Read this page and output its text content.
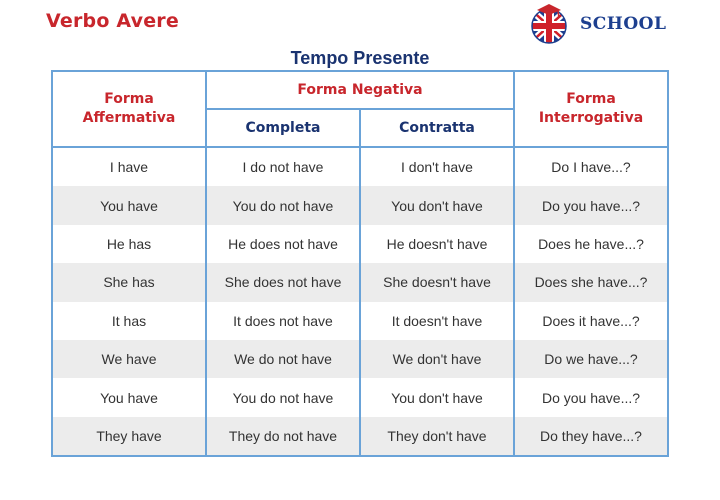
Verbo Avere	SCHOOL
Tempo Presente
Forma Affermativa
Forma Negativa
Forma Interrogativa
Completa	Contratta
I have	I do not have	I don't have	Do I have...?
You have	You do not have	You don't have	Do you have...?
He has	He does not have	He doesn't have	Does he have...?
She has	She does not have	She doesn't have	Does she have...?
It has	It does not have	It doesn't have	Does it have...?
We have	We do not have	We don't have	Do we have...?
You have	You do not have	You don't have	Do you have...?
They have	They do not have	They don't have	Do they have...?
